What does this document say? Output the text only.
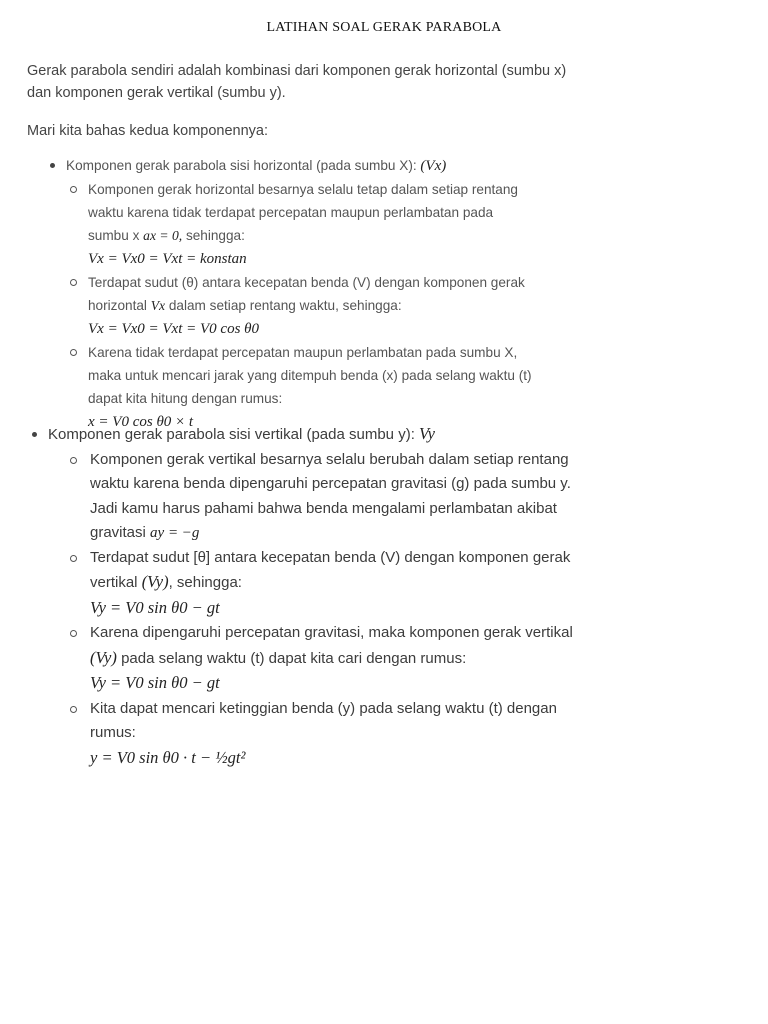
LATIHAN SOAL GERAK PARABOLA

Gerak parabola sendiri adalah kombinasi dari komponen gerak horizontal (sumbu x)
dan komponen gerak vertikal (sumbu y).

Mari kita bahas kedua komponennya:

Komponen gerak parabola sisi horizontal (pada sumbu X): (Vx)
Komponen gerak horizontal besarnya selalu tetap dalam setiap rentang
waktu karena tidak terdapat percepatan maupun perlambatan pada
sumbu x ax = 0, sehingga:
Vx = Vx0 = Vxt = konstan
Terdapat sudut (θ) antara kecepatan benda (V) dengan komponen gerak
horizontal Vx dalam setiap rentang waktu, sehingga:
Vx = Vx0 = Vxt = V0 cos θ0
Karena tidak terdapat percepatan maupun perlambatan pada sumbu X,
maka untuk mencari jarak yang ditempuh benda (x) pada selang waktu (t)
dapat kita hitung dengan rumus:
x = V0 cos θ0 × t
Komponen gerak parabola sisi vertikal (pada sumbu y): Vy
Komponen gerak vertikal besarnya selalu berubah dalam setiap rentang
waktu karena benda dipengaruhi percepatan gravitasi (g) pada sumbu y.
Jadi kamu harus pahami bahwa benda mengalami perlambatan akibat
gravitasi ay = −g
Terdapat sudut [θ] antara kecepatan benda (V) dengan komponen gerak
vertikal (Vy), sehingga:
Vy = V0 sin θ0 − gt
Karena dipengaruhi percepatan gravitasi, maka komponen gerak vertikal
(Vy) pada selang waktu (t) dapat kita cari dengan rumus:
Vy = V0 sin θ0 − gt
Kita dapat mencari ketinggian benda (y) pada selang waktu (t) dengan
rumus:
y = V0 sin θ0 · t − ½gt²
